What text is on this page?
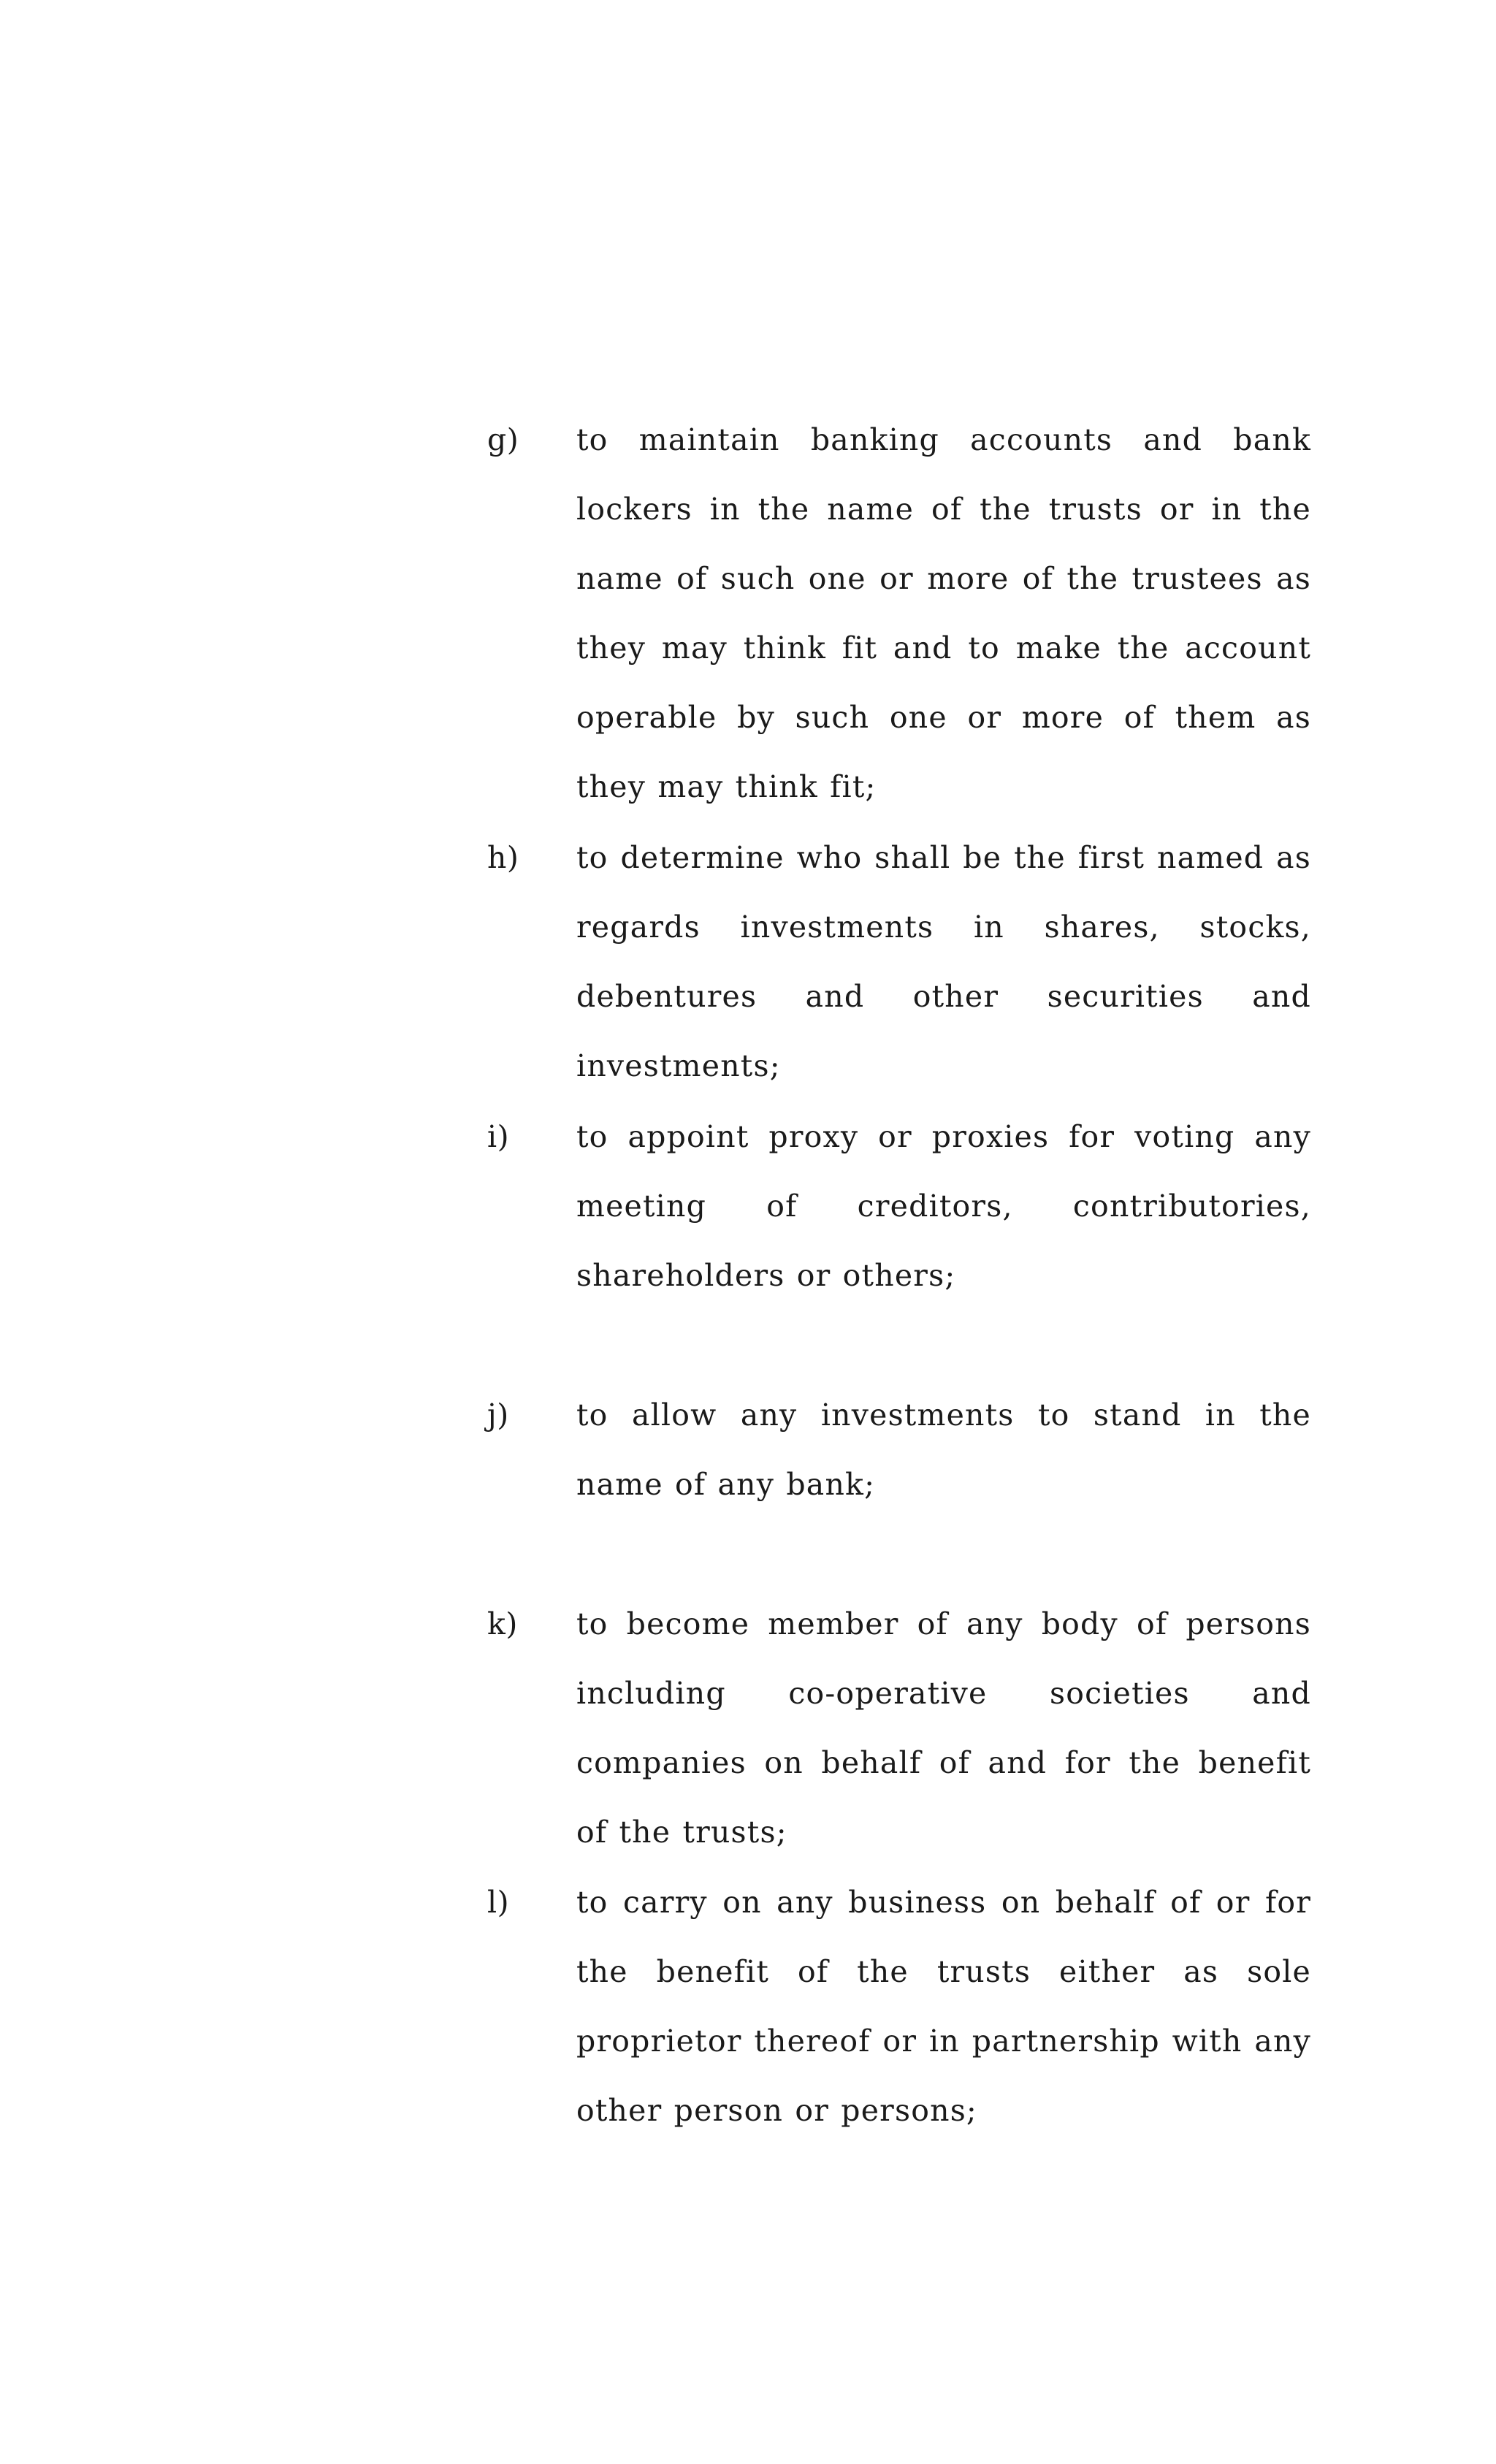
g)	to maintain banking accounts and bank lockers in the name of the trusts or in the name of such one or more of the trustees as they may think fit and to make the account operable by such one or more of them as they may think fit;
h)	to determine who shall be the first named as regards investments in shares, stocks, debentures and other securities and investments;
i)	to appoint proxy or proxies for voting any meeting of creditors, contributories, shareholders or others;
j)	to allow any investments to stand in the name of any bank;
k)	to become member of any body of persons including co-operative societies and companies on behalf of and for the benefit of the trusts;
l)	to carry on any business on behalf of or for the benefit of the trusts either as sole proprietor thereof or in partnership with any other person or persons;
